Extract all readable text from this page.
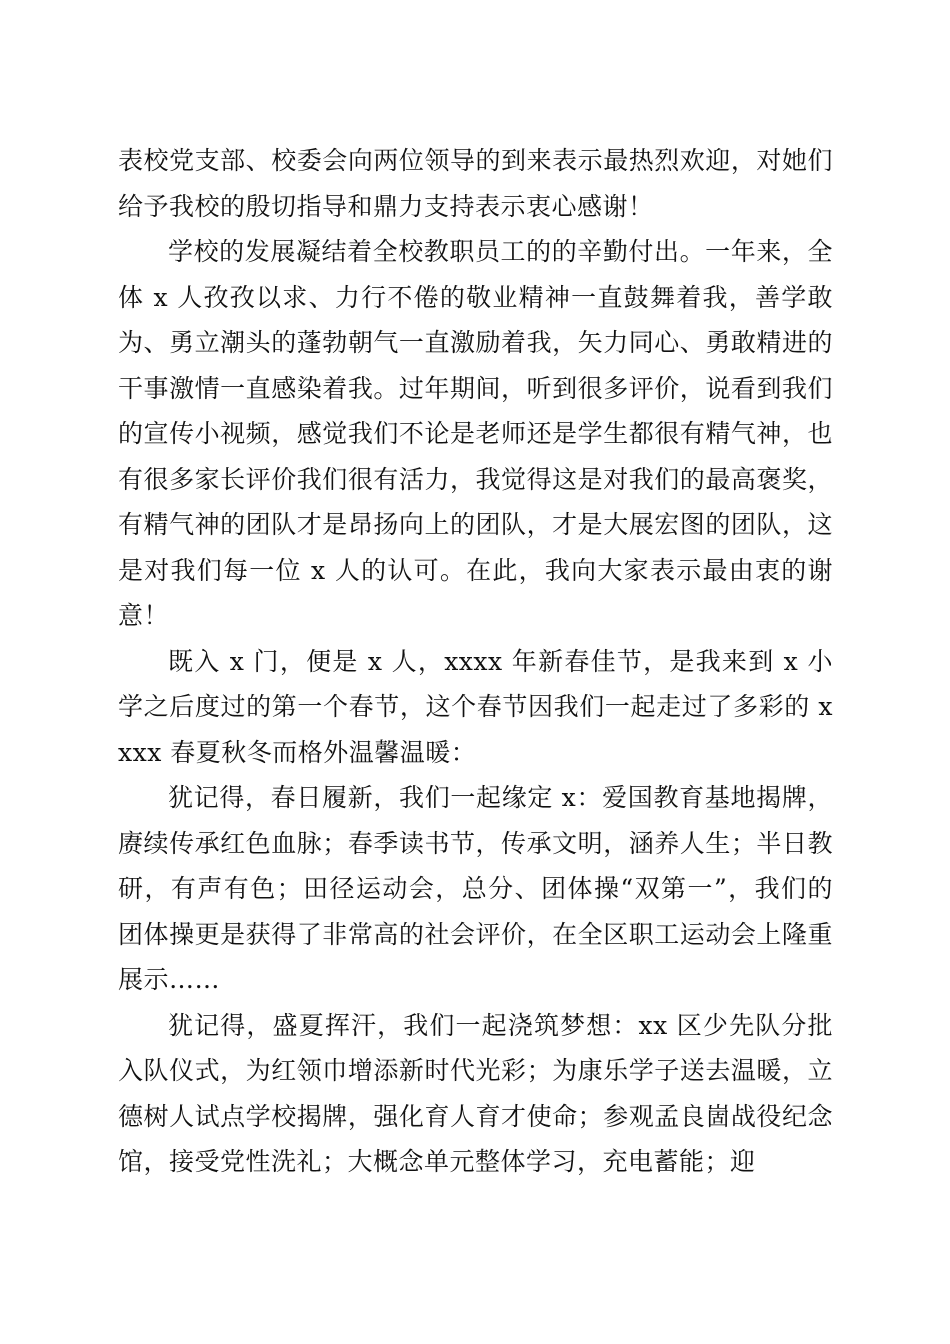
表校党支部、校委会向两位领导的到来表示最热烈欢迎，对她们给予我校的殷切指导和鼎力支持表示衷心感谢！

学校的发展凝结着全校教职员工的的辛勤付出。一年来，全体 x 人孜孜以求、力行不倦的敬业精神一直鼓舞着我，善学敢为、勇立潮头的蓬勃朝气一直激励着我，矢力同心、勇敢精进的干事激情一直感染着我。过年期间，听到很多评价，说看到我们的宣传小视频，感觉我们不论是老师还是学生都很有精气神，也有很多家长评价我们很有活力，我觉得这是对我们的最高褒奖，有精气神的团队才是昂扬向上的团队，才是大展宏图的团队，这是对我们每一位 x 人的认可。在此，我向大家表示最由衷的谢意！

既入 x 门，便是 x 人，xxxx 年新春佳节，是我来到 x 小学之后度过的第一个春节，这个春节因我们一起走过了多彩的 xxxx 春夏秋冬而格外温馨温暖：

犹记得，春日履新，我们一起缘定 x：爱国教育基地揭牌，赓续传承红色血脉；春季读书节，传承文明，涵养人生；半日教研，有声有色；田径运动会，总分、团体操“双第一”，我们的团体操更是获得了非常高的社会评价，在全区职工运动会上隆重展示……

犹记得，盛夏挥汗，我们一起浇筑梦想：xx 区少先队分批入队仪式，为红领巾增添新时代光彩；为康乐学子送去温暖，立德树人试点学校揭牌，强化育人育才使命；参观孟良崮战役纪念馆，接受党性洗礼；大概念单元整体学习，充电蓄能；迎
